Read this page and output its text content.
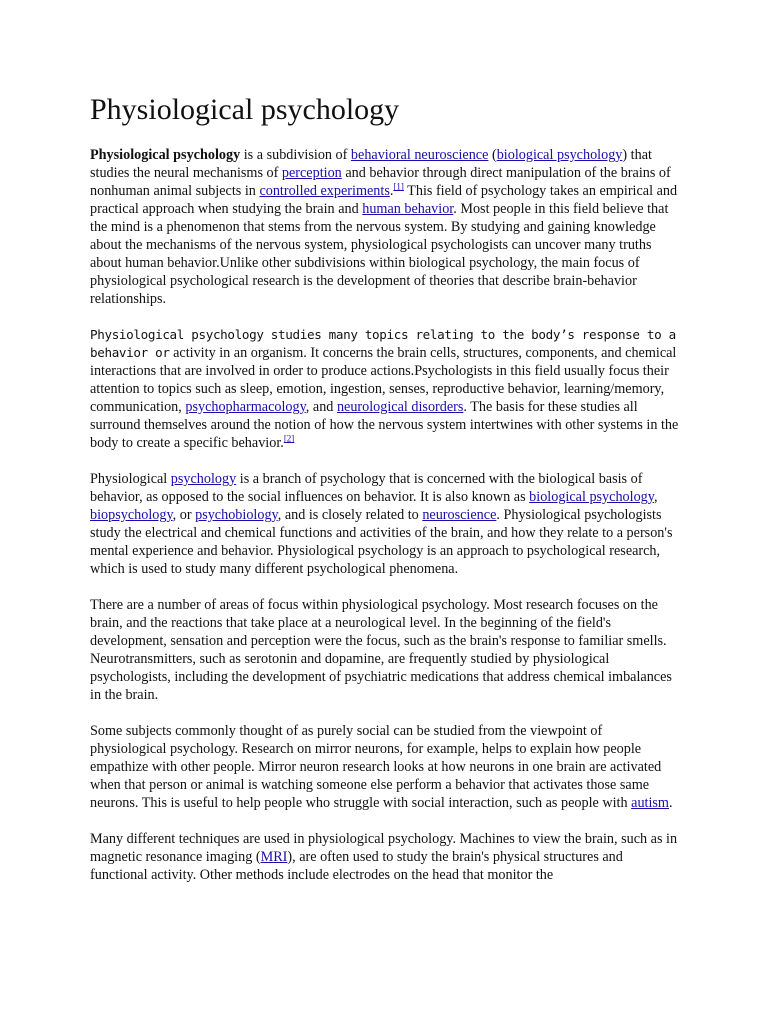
Physiological psychology

Physiological psychology is a subdivision of behavioral neuroscience (biological psychology) that studies the neural mechanisms of perception and behavior through direct manipulation of the brains of nonhuman animal subjects in controlled experiments.[1] This field of psychology takes an empirical and practical approach when studying the brain and human behavior. Most people in this field believe that the mind is a phenomenon that stems from the nervous system. By studying and gaining knowledge about the mechanisms of the nervous system, physiological psychologists can uncover many truths about human behavior.Unlike other subdivisions within biological psychology, the main focus of physiological psychological research is the development of theories that describe brain-behavior relationships.

Physiological psychology studies many topics relating to the body’s response to a behavior or activity in an organism. It concerns the brain cells, structures, components, and chemical interactions that are involved in order to produce actions.Psychologists in this field usually focus their attention to topics such as sleep, emotion, ingestion, senses, reproductive behavior, learning/memory, communication, psychopharmacology, and neurological disorders. The basis for these studies all surround themselves around the notion of how the nervous system intertwines with other systems in the body to create a specific behavior.[2]

Physiological psychology is a branch of psychology that is concerned with the biological basis of behavior, as opposed to the social influences on behavior. It is also known as biological psychology, biopsychology, or psychobiology, and is closely related to neuroscience. Physiological psychologists study the electrical and chemical functions and activities of the brain, and how they relate to a person's mental experience and behavior. Physiological psychology is an approach to psychological research, which is used to study many different psychological phenomena.

There are a number of areas of focus within physiological psychology. Most research focuses on the brain, and the reactions that take place at a neurological level. In the beginning of the field's development, sensation and perception were the focus, such as the brain's response to familiar smells. Neurotransmitters, such as serotonin and dopamine, are frequently studied by physiological psychologists, including the development of psychiatric medications that address chemical imbalances in the brain.

Some subjects commonly thought of as purely social can be studied from the viewpoint of physiological psychology. Research on mirror neurons, for example, helps to explain how people empathize with other people. Mirror neuron research looks at how neurons in one brain are activated when that person or animal is watching someone else perform a behavior that activates those same neurons. This is useful to help people who struggle with social interaction, such as people with autism.

Many different techniques are used in physiological psychology. Machines to view the brain, such as in magnetic resonance imaging (MRI), are often used to study the brain's physical structures and functional activity. Other methods include electrodes on the head that monitor the
